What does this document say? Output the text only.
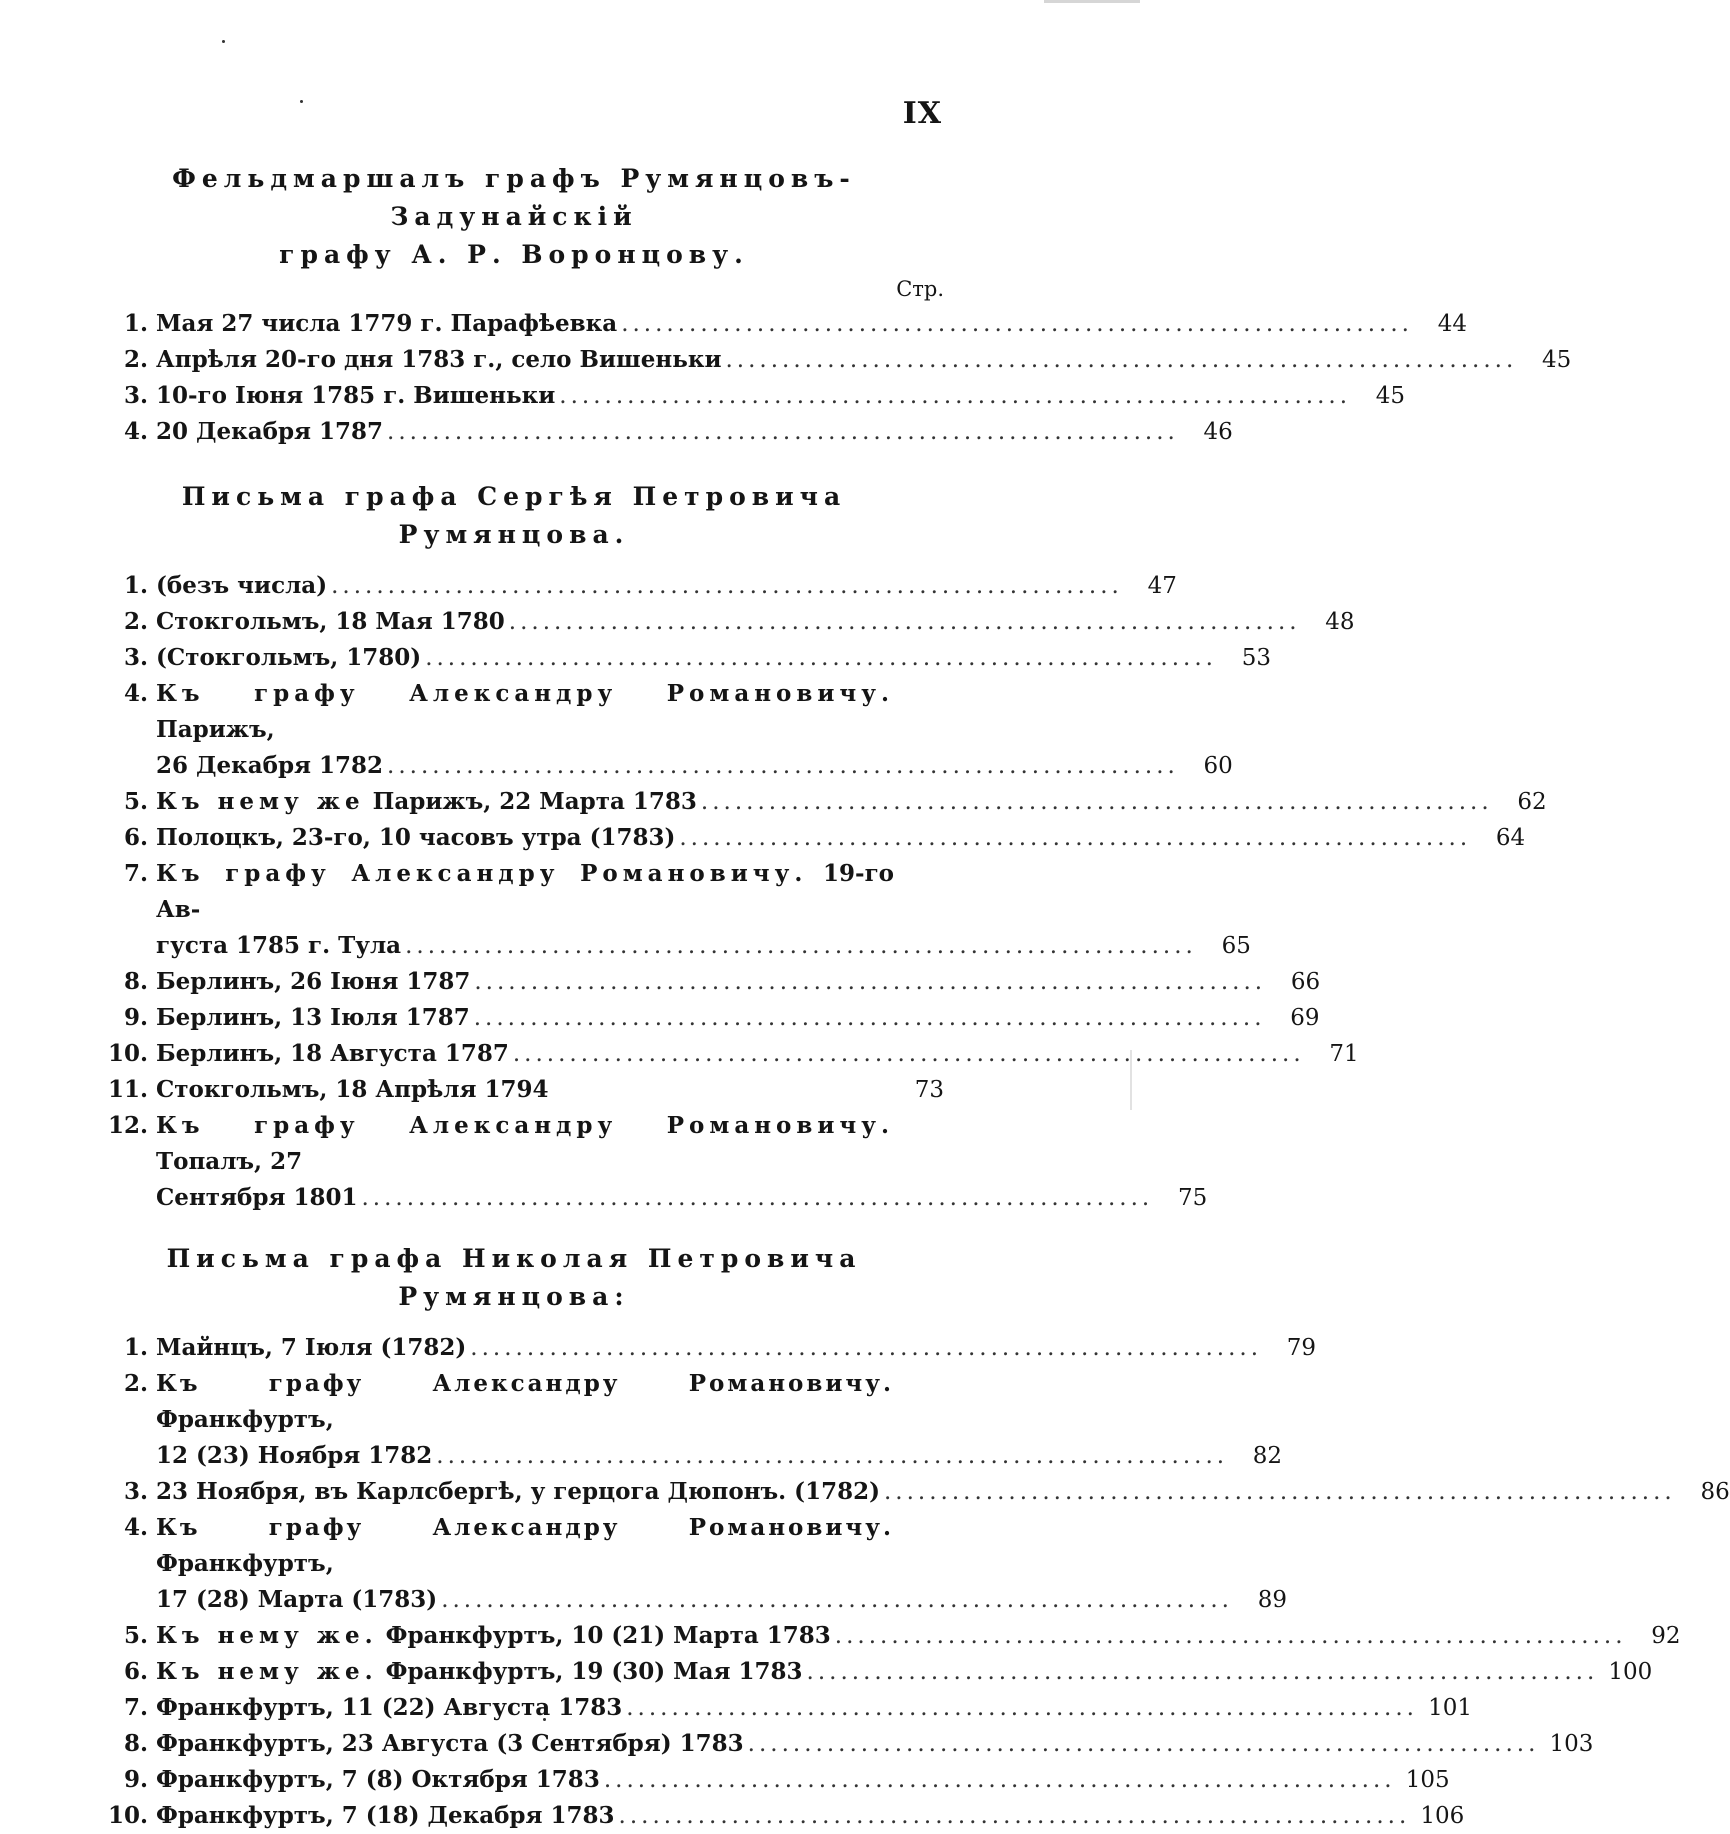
IX
Фельдмаршалъ графъ Румянцовъ-Задунайскій
графу А. Р. Воронцову.
Стр.
1. Мая 27 числа 1779 г. Парафѣевка ......................................................................	44
2. Апрѣля 20-го дня 1783 г., село Вишеньки ......................................................................	45
3. 10-го Іюня 1785 г. Вишеньки ......................................................................	45
4. 20 Декабря 1787 ......................................................................	46
Письма графа Сергѣя Петровича Румянцова.
1. (безъ числа) ......................................................................	47
2. Стокгольмъ, 18 Мая 1780 ......................................................................	48
3. (Стокгольмъ, 1780) ......................................................................	53
4. Къ графу Александру Романовичу. Парижъ,
26 Декабря 1782 ......................................................................	60
5. Къ нему же Парижъ, 22 Марта 1783 ......................................................................	62
6. Полоцкъ, 23-го, 10 часовъ утра (1783) ......................................................................	64
7. Къ графу Александру Романовичу. 19-го Ав-
густа 1785 г. Тула ......................................................................	65
8. Берлинъ, 26 Іюня 1787 ......................................................................	66
9. Берлинъ, 13 Іюля 1787 ......................................................................	69
10. Берлинъ, 18 Августа 1787 ......................................................................	71
11. Стокгольмъ, 18 Апрѣля 1794	73
12. Къ графу Александру Романовичу. Топалъ, 27
Сентября 1801 ......................................................................	75
Письма графа Николая Петровича Румянцова:
1. Майнцъ, 7 Іюля (1782) ......................................................................	79
2. Къ графу Александру Романовичу. Франкфуртъ,
12 (23) Ноября 1782 ......................................................................	82
3. 23 Ноября, въ Карлсбергѣ, у герцога Дюпонъ. (1782) ......................................................................	86
4. Къ графу Александру Романовичу. Франкфуртъ,
17 (28) Марта (1783) ......................................................................	89
5. Къ нему же. Франкфуртъ, 10 (21) Марта 1783 ......................................................................	92
6. Къ нему же. Франкфуртъ, 19 (30) Мая 1783 ...................................................................... 100
7. Франкфуртъ, 11 (22) Августа 1783 ...................................................................... 101
8. Франкфуртъ, 23 Августа (3 Сентября) 1783 ...................................................................... 103
9. Франкфуртъ, 7 (8) Октября 1783 ...................................................................... 105
10. Франкфуртъ, 7 (18) Декабря 1783 ...................................................................... 106
